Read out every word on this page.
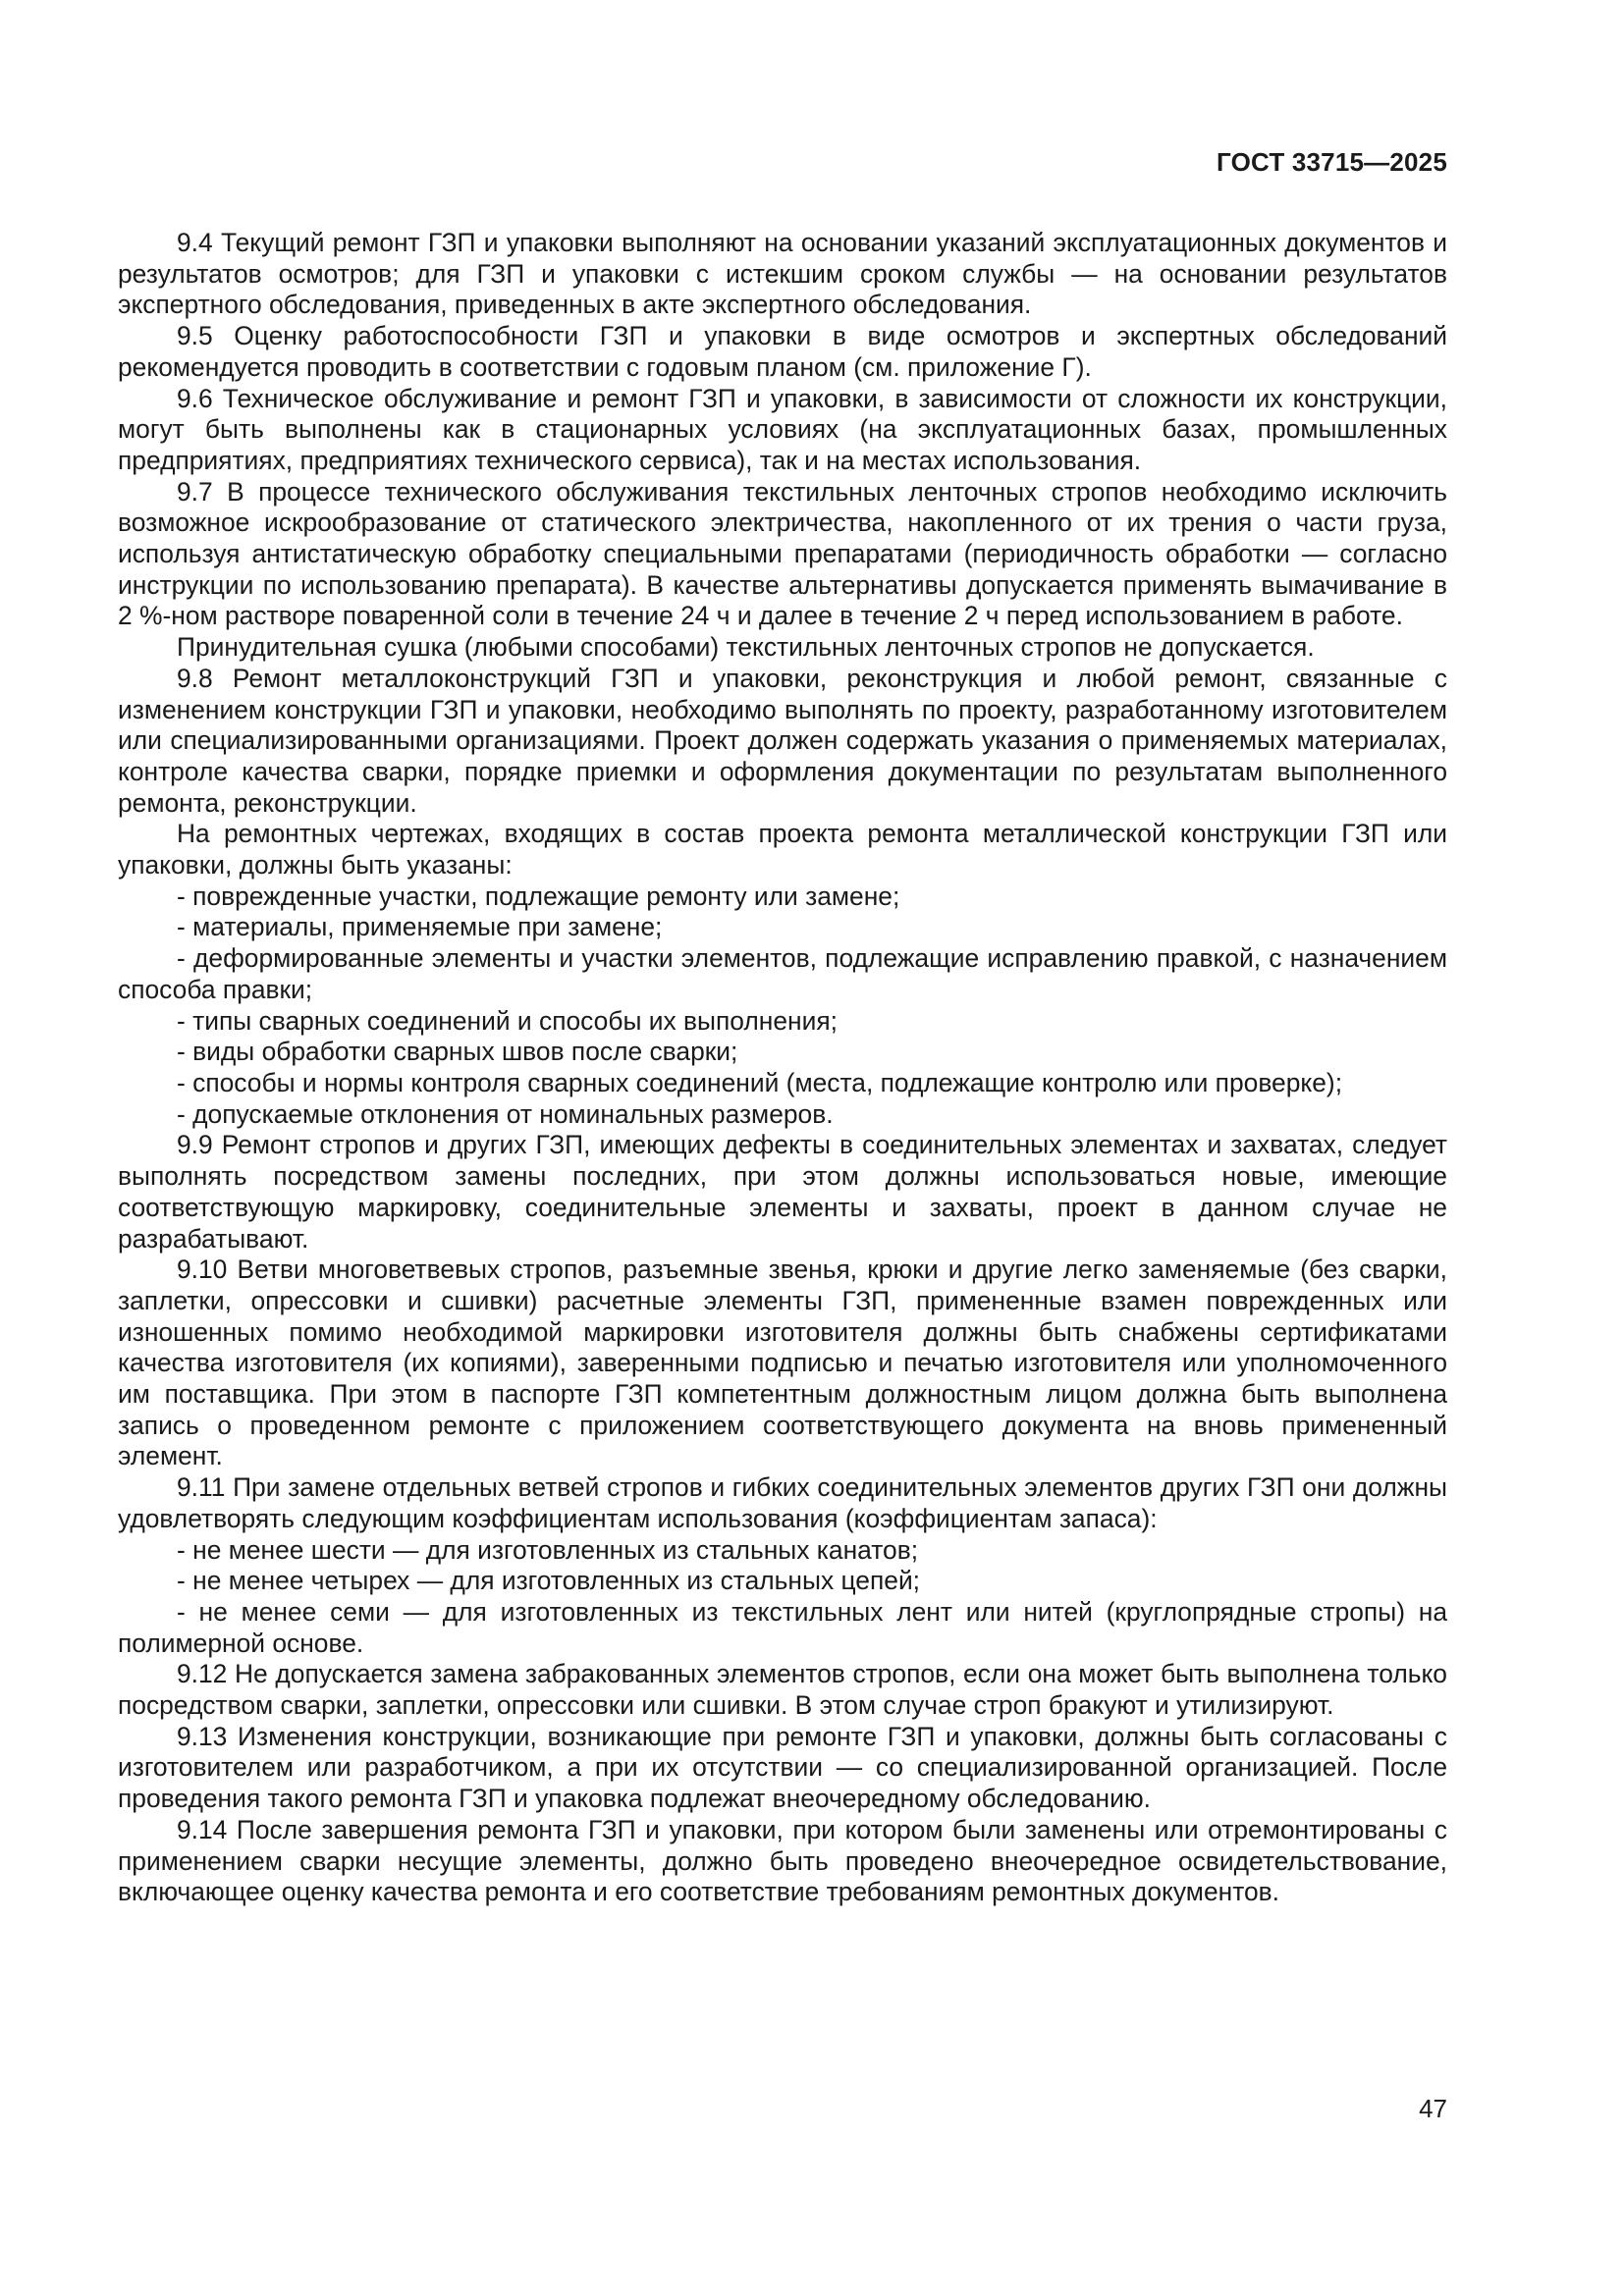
ГОСТ 33715—2025

9.4 Текущий ремонт ГЗП и упаковки выполняют на основании указаний эксплуатационных документов и результатов осмотров; для ГЗП и упаковки с истекшим сроком службы — на основании результатов экспертного обследования, приведенных в акте экспертного обследования.

9.5 Оценку работоспособности ГЗП и упаковки в виде осмотров и экспертных обследований рекомендуется проводить в соответствии с годовым планом (см. приложение Г).

9.6 Техническое обслуживание и ремонт ГЗП и упаковки, в зависимости от сложности их конструкции, могут быть выполнены как в стационарных условиях (на эксплуатационных базах, промышленных предприятиях, предприятиях технического сервиса), так и на местах использования.

9.7 В процессе технического обслуживания текстильных ленточных стропов необходимо исключить возможное искрообразование от статического электричества, накопленного от их трения о части груза, используя антистатическую обработку специальными препаратами (периодичность обработки — согласно инструкции по использованию препарата). В качестве альтернативы допускается применять вымачивание в 2 %-ном растворе поваренной соли в течение 24 ч и далее в течение 2 ч перед использованием в работе.

Принудительная сушка (любыми способами) текстильных ленточных стропов не допускается.

9.8 Ремонт металлоконструкций ГЗП и упаковки, реконструкция и любой ремонт, связанные с изменением конструкции ГЗП и упаковки, необходимо выполнять по проекту, разработанному изготовителем или специализированными организациями. Проект должен содержать указания о применяемых материалах, контроле качества сварки, порядке приемки и оформления документации по результатам выполненного ремонта, реконструкции.

На ремонтных чертежах, входящих в состав проекта ремонта металлической конструкции ГЗП или упаковки, должны быть указаны:

- поврежденные участки, подлежащие ремонту или замене;

- материалы, применяемые при замене;

- деформированные элементы и участки элементов, подлежащие исправлению правкой, с назначением способа правки;

- типы сварных соединений и способы их выполнения;

- виды обработки сварных швов после сварки;

- способы и нормы контроля сварных соединений (места, подлежащие контролю или проверке);

- допускаемые отклонения от номинальных размеров.

9.9 Ремонт стропов и других ГЗП, имеющих дефекты в соединительных элементах и захватах, следует выполнять посредством замены последних, при этом должны использоваться новые, имеющие соответствующую маркировку, соединительные элементы и захваты, проект в данном случае не разрабатывают.

9.10 Ветви многоветвевых стропов, разъемные звенья, крюки и другие легко заменяемые (без сварки, заплетки, опрессовки и сшивки) расчетные элементы ГЗП, примененные взамен поврежденных или изношенных помимо необходимой маркировки изготовителя должны быть снабжены сертификатами качества изготовителя (их копиями), заверенными подписью и печатью изготовителя или уполномоченного им поставщика. При этом в паспорте ГЗП компетентным должностным лицом должна быть выполнена запись о проведенном ремонте с приложением соответствующего документа на вновь примененный элемент.

9.11 При замене отдельных ветвей стропов и гибких соединительных элементов других ГЗП они должны удовлетворять следующим коэффициентам использования (коэффициентам запаса):

- не менее шести — для изготовленных из стальных канатов;

- не менее четырех — для изготовленных из стальных цепей;

- не менее семи — для изготовленных из текстильных лент или нитей (круглопрядные стропы) на полимерной основе.

9.12 Не допускается замена забракованных элементов стропов, если она может быть выполнена только посредством сварки, заплетки, опрессовки или сшивки. В этом случае строп бракуют и утилизируют.

9.13 Изменения конструкции, возникающие при ремонте ГЗП и упаковки, должны быть согласованы с изготовителем или разработчиком, а при их отсутствии — со специализированной организацией. После проведения такого ремонта ГЗП и упаковка подлежат внеочередному обследованию.

9.14 После завершения ремонта ГЗП и упаковки, при котором были заменены или отремонтированы с применением сварки несущие элементы, должно быть проведено внеочередное освидетельствование, включающее оценку качества ремонта и его соответствие требованиям ремонтных документов.

47
